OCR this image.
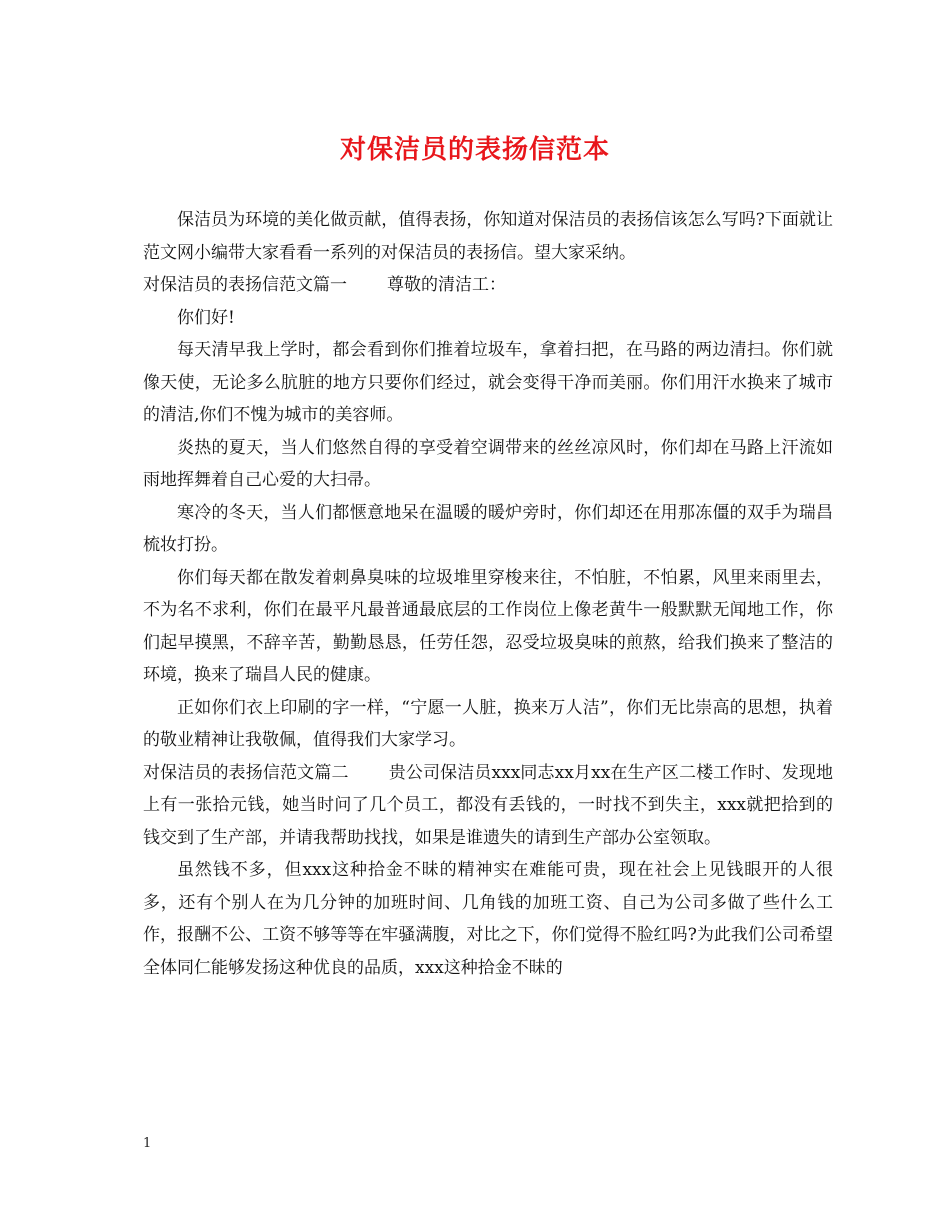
对保洁员的表扬信范本

保洁员为环境的美化做贡献，值得表扬，你知道对保洁员的表扬信该怎么写吗?下面就让范文网小编带大家看看一系列的对保洁员的表扬信。望大家采纳。

对保洁员的表扬信范文篇一 尊敬的清洁工：

你们好!

每天清早我上学时，都会看到你们推着垃圾车，拿着扫把，在马路的两边清扫。你们就像天使，无论多么肮脏的地方只要你们经过，就会变得干净而美丽。你们用汗水换来了城市的清洁,你们不愧为城市的美容师。

炎热的夏天，当人们悠然自得的享受着空调带来的丝丝凉风时，你们却在马路上汗流如雨地挥舞着自己心爱的大扫帚。

寒冷的冬天，当人们都惬意地呆在温暖的暖炉旁时，你们却还在用那冻僵的双手为瑞昌梳妆打扮。

你们每天都在散发着刺鼻臭味的垃圾堆里穿梭来往，不怕脏，不怕累，风里来雨里去，不为名不求利，你们在最平凡最普通最底层的工作岗位上像老黄牛一般默默无闻地工作，你们起早摸黑，不辞辛苦，勤勤恳恳，任劳任怨，忍受垃圾臭味的煎熬，给我们换来了整洁的环境，换来了瑞昌人民的健康。

正如你们衣上印刷的字一样，“宁愿一人脏，换来万人洁”，你们无比崇高的思想，执着的敬业精神让我敬佩，值得我们大家学习。

对保洁员的表扬信范文篇二 贵公司保洁员xxx同志xx月xx在生产区二楼工作时、发现地上有一张拾元钱，她当时问了几个员工，都没有丢钱的，一时找不到失主，xxx就把拾到的钱交到了生产部，并请我帮助找找，如果是谁遗失的请到生产部办公室领取。

虽然钱不多，但xxx这种拾金不昧的精神实在难能可贵，现在社会上见钱眼开的人很多，还有个别人在为几分钟的加班时间、几角钱的加班工资、自己为公司多做了些什么工作，报酬不公、工资不够等等在牢骚满腹，对比之下，你们觉得不脸红吗?为此我们公司希望全体同仁能够发扬这种优良的品质，xxx这种拾金不昧的

1
